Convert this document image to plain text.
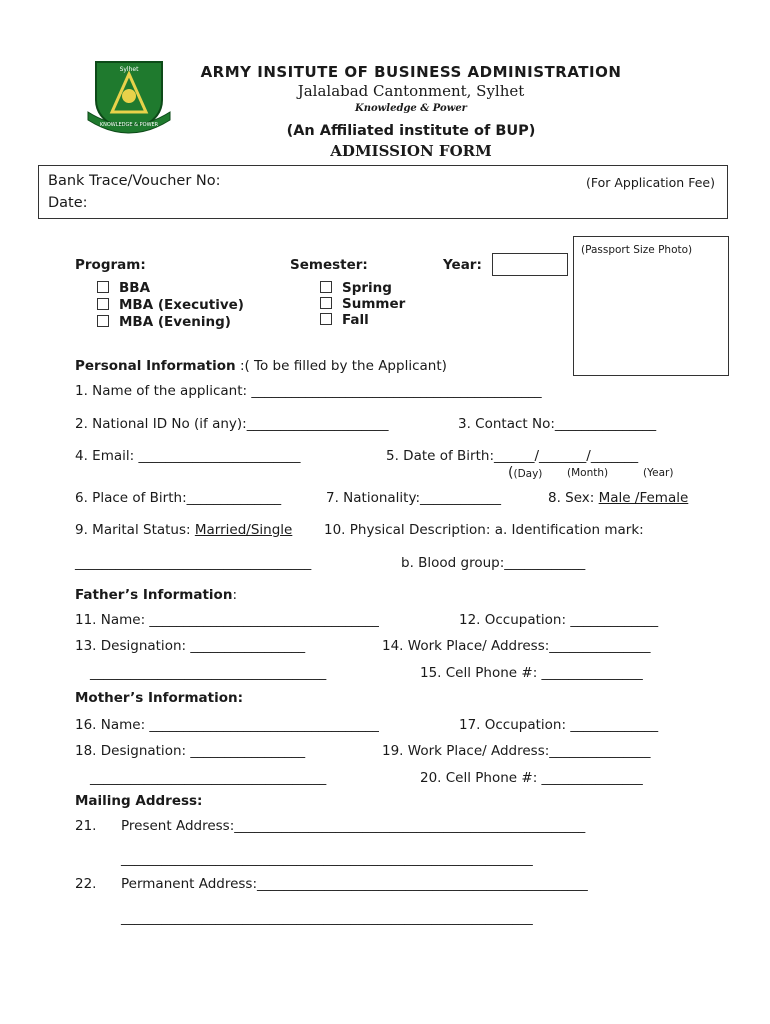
Sylhet
KNOWLEDGE & POWER
ARMY INSITUTE OF BUSINESS ADMINISTRATION
Jalalabad Cantonment, Sylhet
Knowledge & Power
(An Affiliated institute of BUP)
ADMISSION FORM
Bank Trace/Voucher No:
Date:
(For Application Fee)
(Passport Size Photo)
Program:
BBA
MBA (Executive)
MBA (Evening)
Semester:
Spring
Summer
Fall
Year:
Personal Information :( To be filled by the Applicant)
1. Name of the applicant: ___________________________________________
2. National ID No (if any):_____________________	3. Contact No:_______________
4. Email: ________________________	5. Date of Birth:______/_______/_______
((Day) (Month)	(Year)
6. Place of Birth:______________	7. Nationality:____________	8. Sex: Male /Female
9. Marital Status: Married/Single 10. Physical Description: a. Identification mark:
___________________________________	b. Blood group:____________
Father’s Information:
11. Name: __________________________________	12. Occupation: _____________
13. Designation: _________________	14. Work Place/ Address:_______________
___________________________________	15. Cell Phone #: _______________
Mother’s Information:
16. Name: __________________________________	17. Occupation: _____________
18. Designation: _________________	19. Work Place/ Address:_______________
___________________________________	20. Cell Phone #: _______________
Mailing Address:
21. Present Address:____________________________________________________
_____________________________________________________________
22. Permanent Address:_________________________________________________
_____________________________________________________________
